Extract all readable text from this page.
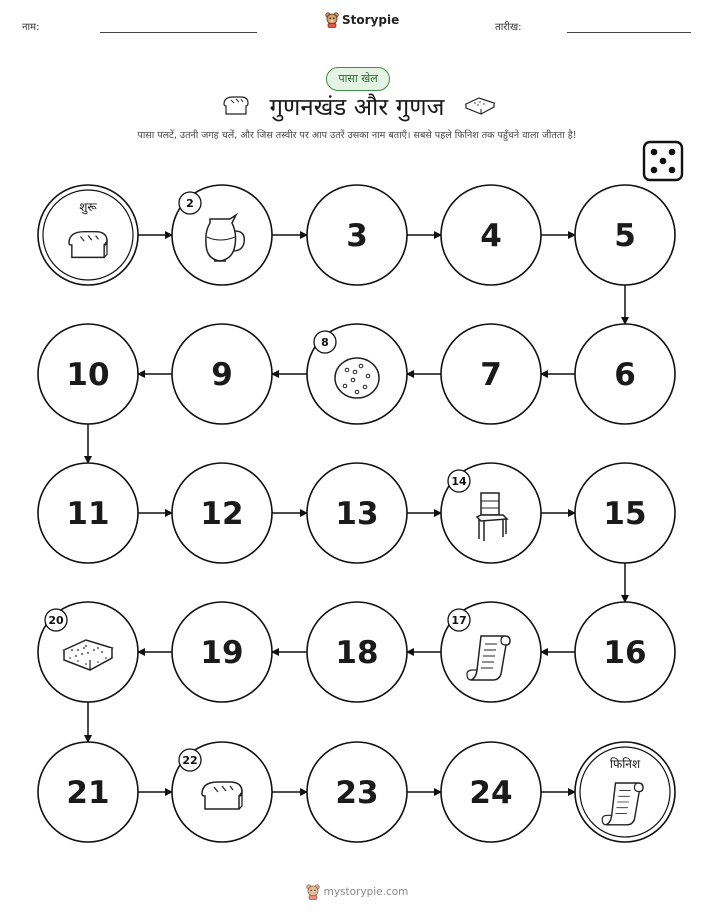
नाम:
Storypie
तारीख:
पासा खेल
गुणनखंड और गुणज
पासा पलटें, उतनी जगह चलें, और जिस तस्वीर पर आप उतरें उसका नाम बताएँ। सबसे पहले फिनिश तक पहुँचने वाला जीतता है!
शुरू	2
3	4	5
6
7
8
9
10
11	12	13
14
15
16
17
18
19
20
21
22
23	24
फिनिश
mystorypie.com
